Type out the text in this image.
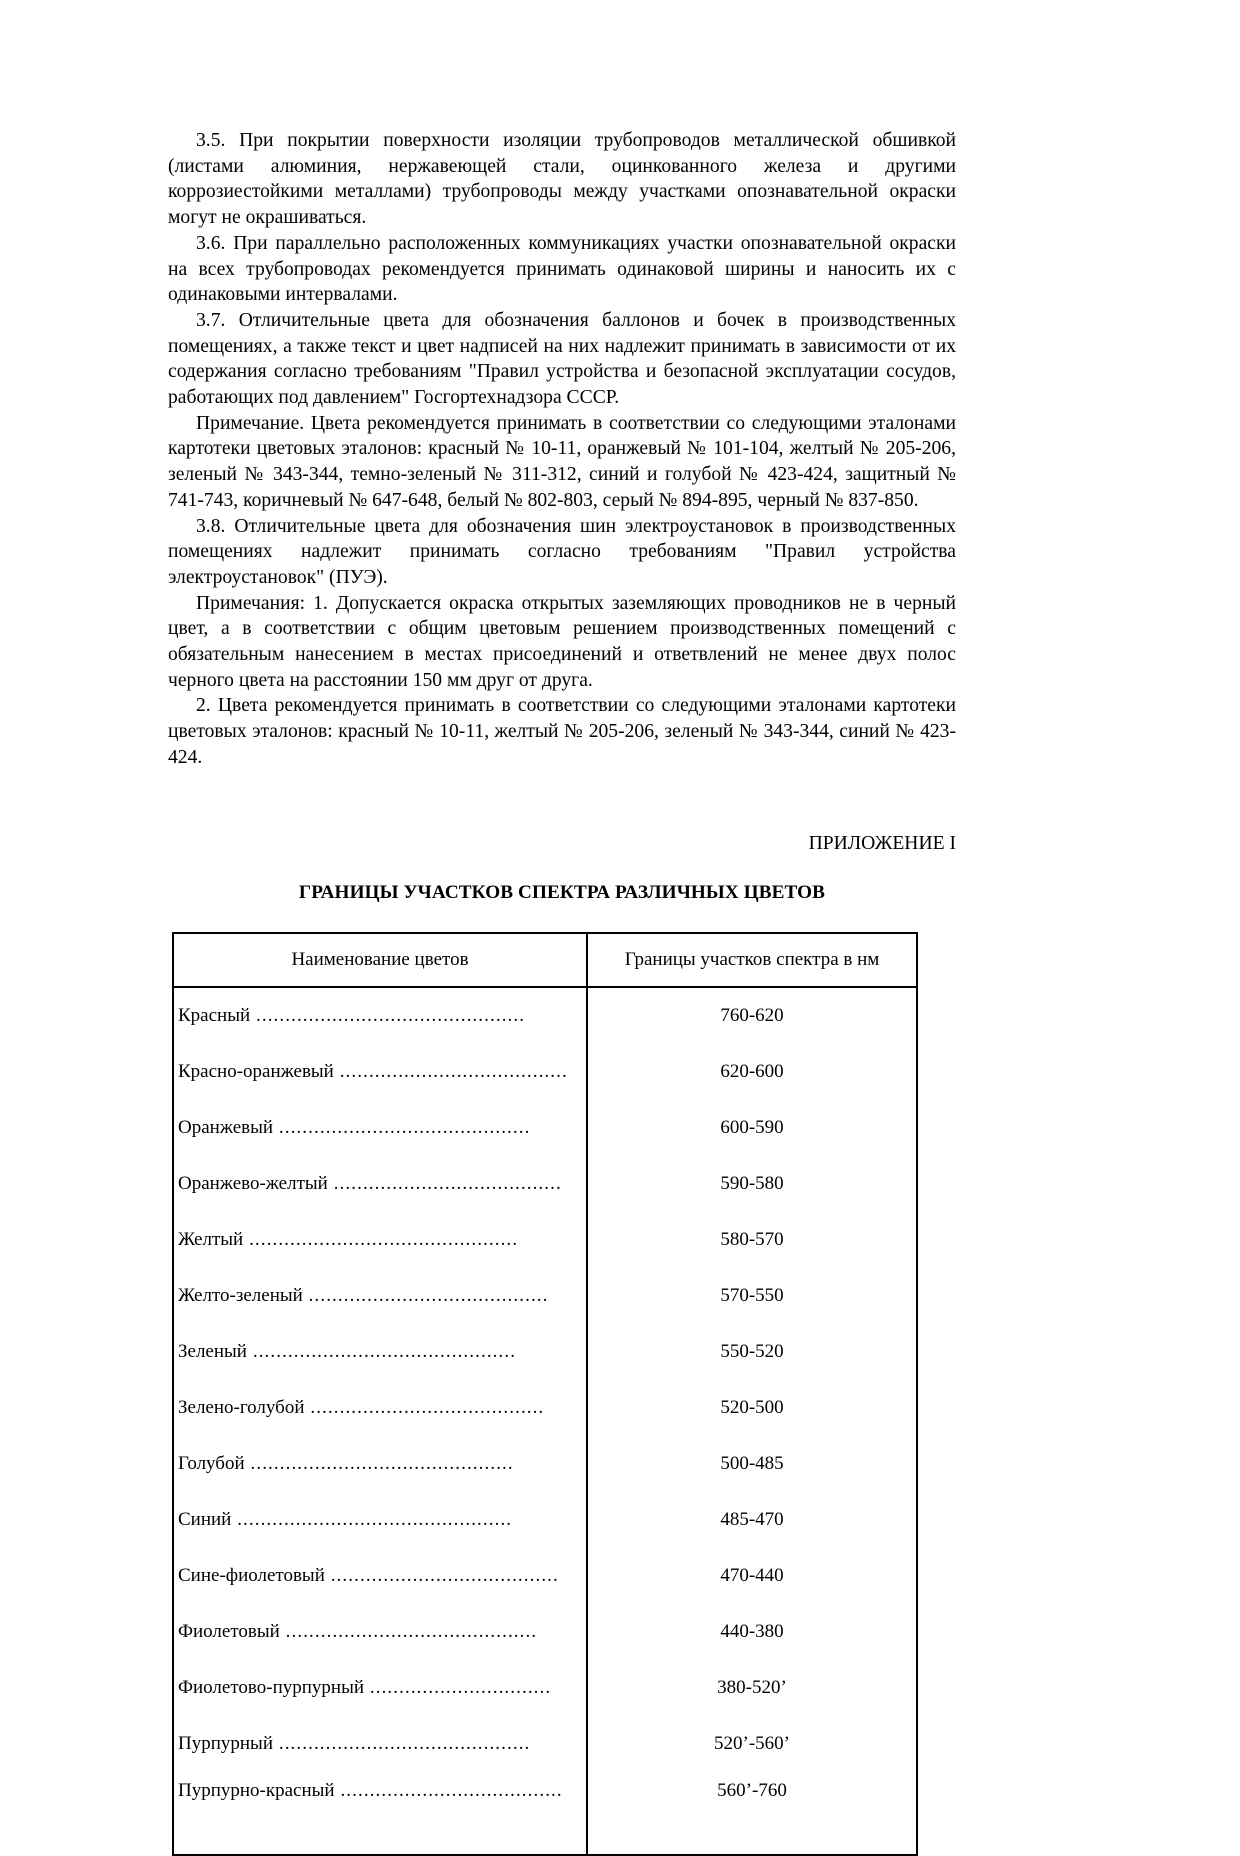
3.5. При покрытии поверхности изоляции трубопроводов металлической обшивкой (листами алюминия, нержавеющей стали, оцинкованного железа и другими коррозиестойкими металлами) трубопроводы между участками опознавательной окраски могут не окрашиваться.

3.6. При параллельно расположенных коммуникациях участки опознавательной окраски на всех трубопроводах рекомендуется принимать одинаковой ширины и наносить их с одинаковыми интервалами.

3.7. Отличительные цвета для обозначения баллонов и бочек в производственных помещениях, а также текст и цвет надписей на них надлежит принимать в зависимости от их содержания согласно требованиям "Правил устройства и безопасной эксплуатации сосудов, работающих под давлением" Госгортехнадзора СССР.

Примечание. Цвета рекомендуется принимать в соответствии со следующими эталонами картотеки цветовых эталонов: красный № 10-11, оранжевый № 101-104, желтый № 205-206, зеленый № 343-344, темно-зеленый № 311-312, синий и голубой № 423-424, защитный № 741-743, коричневый № 647-648, белый № 802-803, серый № 894-895, черный № 837-850.

3.8. Отличительные цвета для обозначения шин электроустановок в производственных помещениях надлежит принимать согласно требованиям "Правил устройства электроустановок" (ПУЭ).

Примечания: 1. Допускается окраска открытых заземляющих проводников не в черный цвет, а в соответствии с общим цветовым решением производственных помещений с обязательным нанесением в местах присоединений и ответвлений не менее двух полос черного цвета на расстоянии 150 мм друг от друга.

2. Цвета рекомендуется принимать в соответствии со следующими эталонами картотеки цветовых эталонов: красный № 10-11, желтый № 205-206, зеленый № 343-344, синий № 423-424.

ПРИЛОЖЕНИЕ I
ГРАНИЦЫ УЧАСТКОВ СПЕКТРА РАЗЛИЧНЫХ ЦВЕТОВ
Наименование цветов	Границы участков спектра в нм
Красный ..............................................	760-620
Красно-оранжевый .......................................	620-600
Оранжевый ...........................................	600-590
Оранжево-желтый .......................................	590-580
Желтый ..............................................	580-570
Желто-зеленый .........................................	570-550
Зеленый .............................................	550-520
Зелено-голубой ........................................	520-500
Голубой .............................................	500-485
Синий ...............................................	485-470
Сине-фиолетовый .......................................	470-440
Фиолетовый ...........................................	440-380
Фиолетово-пурпурный ...............................	380-520’
Пурпурный ...........................................	520’-560’
Пурпурно-красный ......................................	560’-760
